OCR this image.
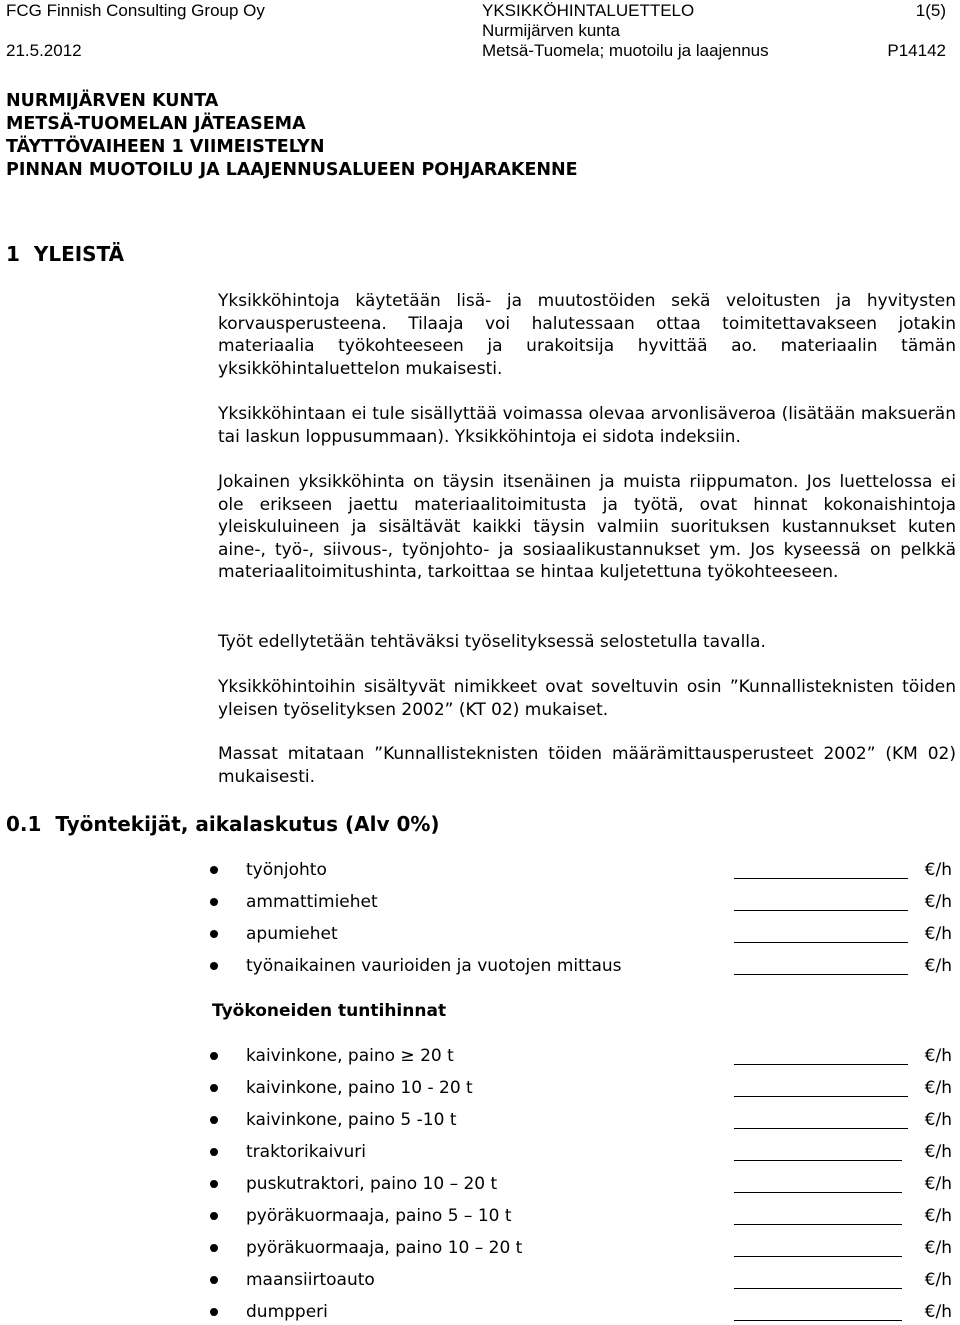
FCG Finnish Consulting Group Oy
21.5.2012
YKSIKKÖHINTALUETTELO
Nurmijärven kunta
Metsä-Tuomela; muotoilu ja laajennus
1(5)
P14142
NURMIJÄRVEN KUNTA
METSÄ-TUOMELAN JÄTEASEMA
TÄYTTÖVAIHEEN 1 VIIMEISTELYN
PINNAN MUOTOILU JA LAAJENNUSALUEEN POHJARAKENNE
1  YLEISTÄ

Yksikköhintoja käytetään lisä- ja muutostöiden sekä veloitusten ja hyvitysten korvausperusteena. Tilaaja voi halutessaan ottaa toimitettavakseen jotakin materiaalia työkohteeseen ja urakoitsija hyvittää ao. materiaalin tämän yksikköhintaluettelon mukaisesti.

Yksikköhintaan ei tule sisällyttää voimassa olevaa arvonlisäveroa (lisätään maksuerän tai laskun loppusummaan). Yksikköhintoja ei sidota indeksiin.

Jokainen yksikköhinta on täysin itsenäinen ja muista riippumaton. Jos luettelossa ei ole erikseen jaettu materiaalitoimitusta ja työtä, ovat hinnat kokonaishintoja yleiskuluineen ja sisältävät kaikki täysin valmiin suorituksen kustannukset kuten aine-, työ-, siivous-, työnjohto- ja sosiaalikustannukset ym. Jos kyseessä on pelkkä materiaalitoimitushinta, tarkoittaa se hintaa kuljetettuna työkohteeseen.

Työt edellytetään tehtäväksi työselityksessä selostetulla tavalla.

Yksikköhintoihin sisältyvät nimikkeet ovat soveltuvin osin ”Kunnallisteknisten töiden yleisen työselityksen 2002” (KT 02) mukaiset.

Massat mitataan ”Kunnallisteknisten töiden määrämittausperusteet 2002” (KM 02) mukaisesti.

0.1  Työntekijät, aikalaskutus (Alv 0%)
työnjohto	€/h
ammattimiehet	€/h
apumiehet	€/h
työnaikainen vaurioiden ja vuotojen mittaus	€/h
Työkoneiden tuntihinnat
kaivinkone, paino ≥ 20 t	€/h
kaivinkone, paino 10 - 20 t	€/h
kaivinkone, paino 5 -10 t	€/h
traktorikaivuri	€/h
puskutraktori, paino 10 – 20 t	€/h
pyöräkuormaaja, paino 5 – 10 t	€/h
pyöräkuormaaja, paino 10 – 20 t	€/h
maansiirtoauto	€/h
dumpperi	€/h
